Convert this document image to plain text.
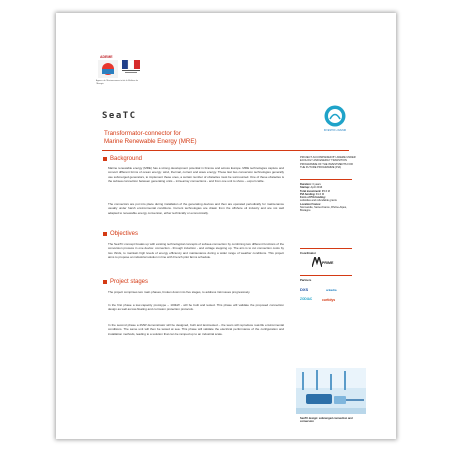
ADEME
Agence de l'Environnement et de la Maîtrise de l'Energie
SeaTC
INVESTIR L'AVENIR
Transformator-connector for
Marine Renewable Energy (MRE)
Background
Marine renewable energy (MRE) has a strong development potential in France and across Europe. MRE technologies capture and convert different forms of ocean energy: wind, thermal, current and wave energy. These last two conversion technologies generally use submerged generators, to implement these ones, a certain number of obstacles must be surmounted. One of these obstacles is the subsea connection between generating units – intra-array connections - and from one unit to shore – export cable.
The connectors are put into place during installation of the generating devices and then are operated periodically for maintenance usually under harsh environmental conditions. Current technologies are drawn from the offshore oil industry and are not well adapted to renewable energy conversion, either technically or economically.
Objectives
The SeaTC concept breaks up with existing technological concepts of subsea connection by combining two different functions of the conversion process in one device: connection - through induction - and voltage stepping up. The aim is to cut connection costs by two thirds, to maintain high levels of energy efficiency and maintenance during a wider range of weather conditions. This project aims to propose an industrial solution in line with French pilot farms schedule.
Project stages
The project comprises two main phases, broken down into five stages, to address risk issues progressively.
In the first phase a low-capacity prototype – 100kW - will be built and tested. This phase will validate the proposed connection design as well as low-floating and corrosion protection protocols.
In the second phase a 2MW demonstrator will be designed, built and land-tested – the team will reproduce real-life environmental conditions. The same unit will then be tested at sea. This phase will validate the electrical performance of the configuration and installation methods, leading to a solution that can be ramped up to an industrial scale.
PROJECT ACCOMPANIED BY ADEME UNDER ECOLOGY AND ENERGY TRANSITION PROGRAMME OF THE INVESTMENTS FOR THE FUTURE PROGRAMME (PIA)
Duration: 3 years
Startup: April 2016
Total investment: €5.6 M
PIA funding: €1.6 M
Form of PIA funding:
subsidies and refundable grants
Location France:
Normandie, Seine-France, Rhône-Alpes, Bretagne
Coordinator
PRIME
Partners
DXS	arkadia
ZODIAC	curtidys
SeaTC design: submerged connection and conversion
